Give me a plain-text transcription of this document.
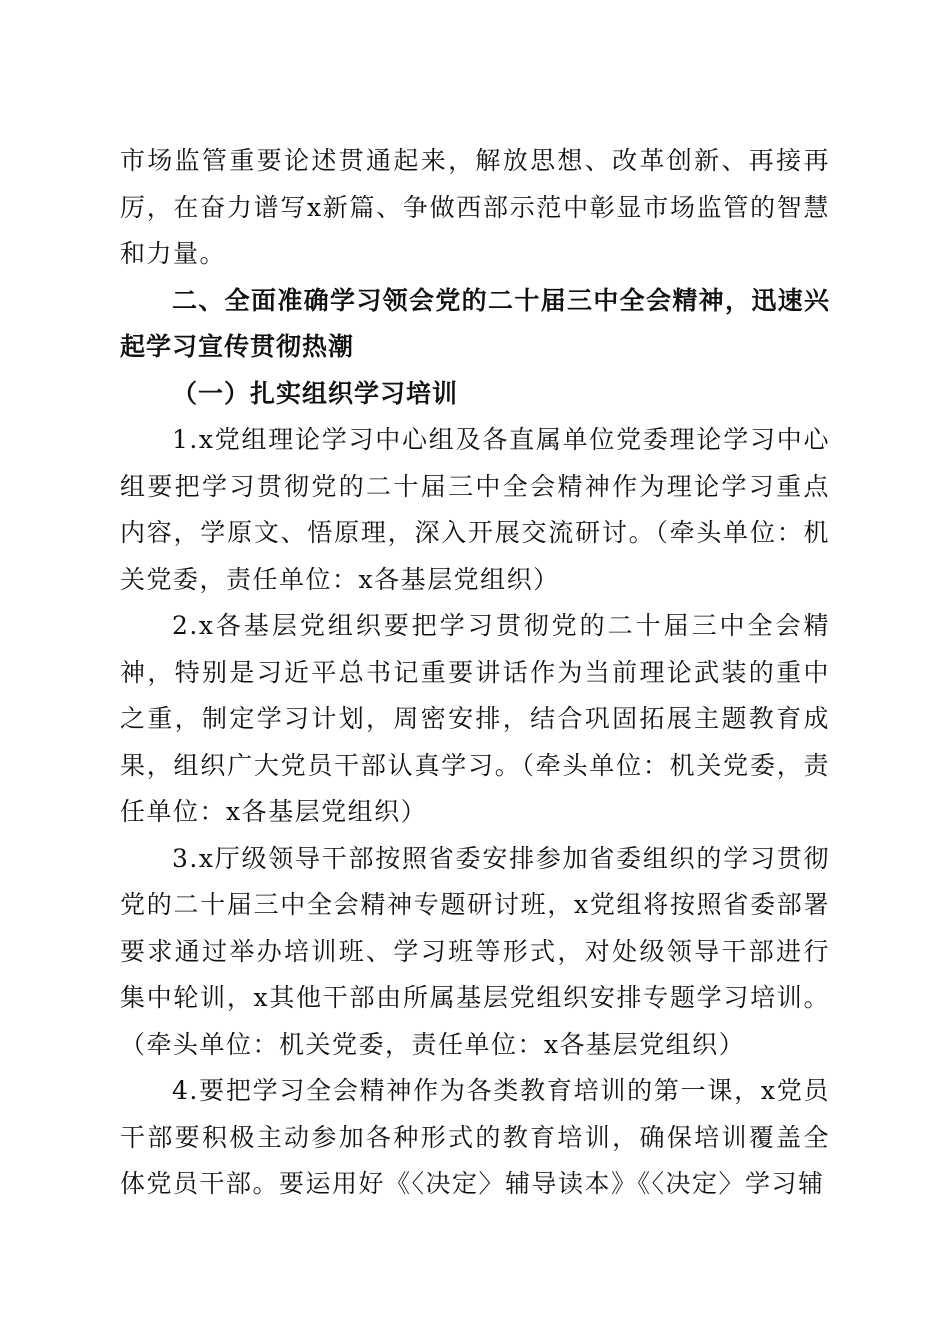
市场监管重要论述贯通起来，解放思想、改革创新、再接再厉，在奋力谱写x新篇、争做西部示范中彰显市场监管的智慧和力量。

二、全面准确学习领会党的二十届三中全会精神，迅速兴起学习宣传贯彻热潮

（一）扎实组织学习培训

1.x党组理论学习中心组及各直属单位党委理论学习中心组要把学习贯彻党的二十届三中全会精神作为理论学习重点内容，学原文、悟原理，深入开展交流研讨。（牵头单位：机关党委，责任单位：x各基层党组织）

2.x各基层党组织要把学习贯彻党的二十届三中全会精神，特别是习近平总书记重要讲话作为当前理论武装的重中之重，制定学习计划，周密安排，结合巩固拓展主题教育成果，组织广大党员干部认真学习。（牵头单位：机关党委，责任单位：x各基层党组织）

3.x厅级领导干部按照省委安排参加省委组织的学习贯彻党的二十届三中全会精神专题研讨班，x党组将按照省委部署要求通过举办培训班、学习班等形式，对处级领导干部进行集中轮训，x其他干部由所属基层党组织安排专题学习培训。（牵头单位：机关党委，责任单位：x各基层党组织）

4.要把学习全会精神作为各类教育培训的第一课，x党员干部要积极主动参加各种形式的教育培训，确保培训覆盖全体党员干部。要运用好《〈决定〉辅导读本》《〈决定〉学习辅
